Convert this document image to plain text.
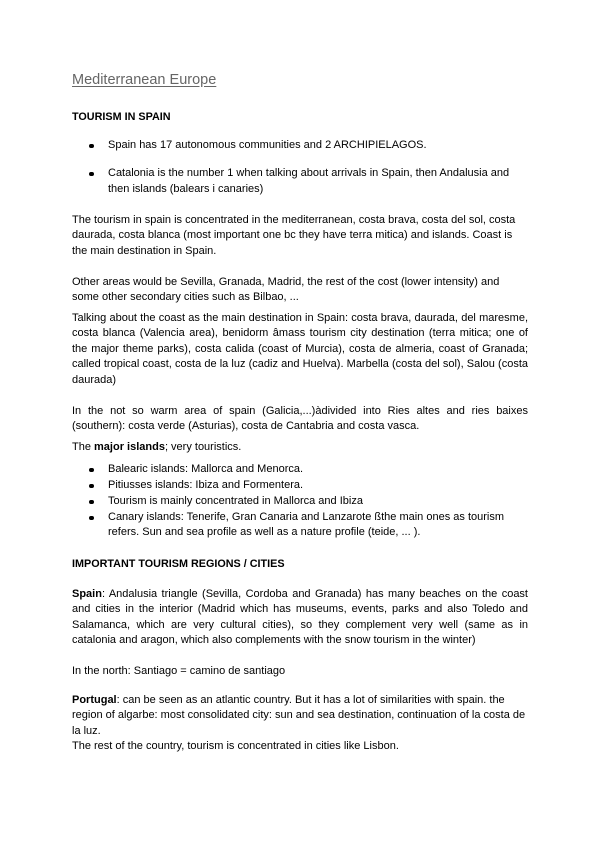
Mediterranean Europe
TOURISM IN SPAIN
Spain has 17 autonomous communities and 2 ARCHIPIELAGOS.
Catalonia is the number 1 when talking about arrivals in Spain, then Andalusia and then islands (balears i canaries)

The tourism in spain is concentrated in the mediterranean, costa brava, costa del sol, costa daurada, costa blanca (most important one bc they have terra mitica) and islands. Coast is the main destination in Spain.

Other areas would be Sevilla, Granada, Madrid, the rest of the cost (lower intensity) and some other secondary cities such as Bilbao, ...

Talking about the coast as the main destination in Spain: costa brava, daurada, del maresme, costa blanca (Valencia area), benidorm âmass tourism city destination (terra mitica; one of the major theme parks), costa calida (coast of Murcia), costa de almeria, coast of Granada; called tropical coast, costa de la luz (cadiz and Huelva). Marbella (costa del sol), Salou (costa daurada)

In the not so warm area of spain (Galicia,...)àdivided into Ries altes and ries baixes (southern): costa verde (Asturias), costa de Cantabria and costa vasca.

The major islands; very touristics.

Balearic islands: Mallorca and Menorca.
Pitiusses islands: Ibiza and Formentera.
Tourism is mainly concentrated in Mallorca and Ibiza
Canary islands: Tenerife, Gran Canaria and Lanzarote ßthe main ones as tourism refers. Sun and sea profile as well as a nature profile (teide, ... ).
IMPORTANT TOURISM REGIONS / CITIES

Spain: Andalusia triangle (Sevilla, Cordoba and Granada) has many beaches on the coast and cities in the interior (Madrid which has museums, events, parks and also Toledo and Salamanca, which are very cultural cities), so they complement very well (same as in catalonia and aragon, which also complements with the snow tourism in the winter)

In the north: Santiago = camino de santiago

Portugal: can be seen as an atlantic country. But it has a lot of similarities with spain. the region of algarbe: most consolidated city: sun and sea destination, continuation of la costa de la luz.
The rest of the country, tourism is concentrated in cities like Lisbon.
